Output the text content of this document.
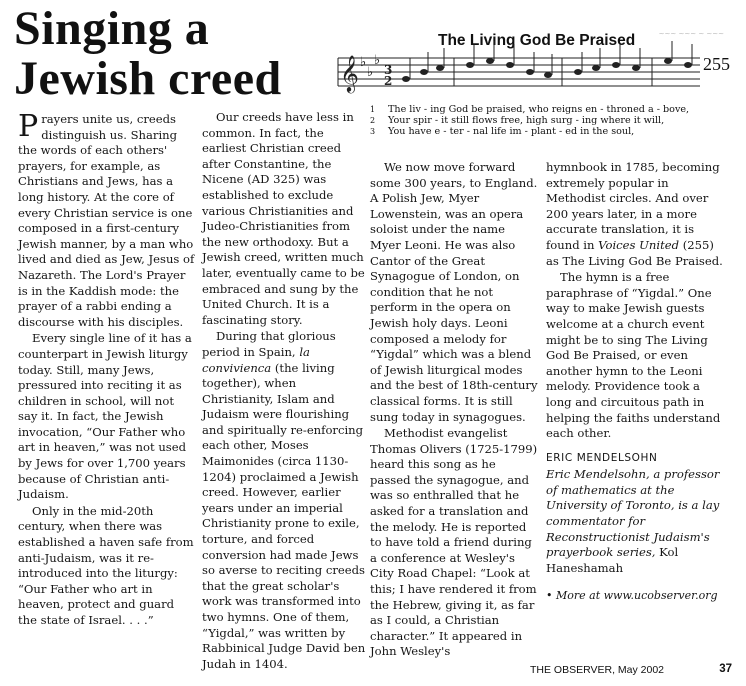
Singing a
Jewish creed
~~~ ~~~ ~ ~~~
The Living God Be Praised
255
𝄞 ♭
♭
♭
3
2
1 The liv - ing God be praised, who reigns en - throned a - bove,
2 Your spir - it still flows free, high surg - ing where it will,
3 You have e - ter - nal life im - plant - ed in the soul,

Prayers unite us, creeds distinguish us. Sharing the words of each others' prayers, for example, as Christians and Jews, has a long history. At the core of every Christian service is one composed in a first-century Jewish manner, by a man who lived and died as Jew, Jesus of Nazareth. The Lord's Prayer is in the Kaddish mode: the prayer of a rabbi ending a discourse with his disciples.

Every single line of it has a counterpart in Jewish liturgy today. Still, many Jews, pressured into reciting it as children in school, will not say it. In fact, the Jewish invocation, “Our Father who art in heaven,” was not used by Jews for over 1,700 years because of Christian anti-Judaism.

Only in the mid-20th century, when there was established a haven safe from anti-Judaism, was it re-introduced into the liturgy: “Our Father who art in heaven, protect and guard the state of Israel. . . .”

Our creeds have less in common. In fact, the earliest Christian creed after Constantine, the Nicene (AD 325) was established to exclude various Christianities and Judeo-Christianities from the new orthodoxy. But a Jewish creed, written much later, eventually came to be embraced and sung by the United Church. It is a fascinating story.

During that glorious period in Spain, la convivienca (the living together), when Christianity, Islam and Judaism were flourishing and spiritually re-enforcing each other, Moses Maimonides (circa 1130-1204) proclaimed a Jewish creed. However, earlier years under an imperial Christianity prone to exile, torture, and forced conversion had made Jews so averse to reciting creeds that the great scholar's work was transformed into two hymns. One of them, “Yigdal,” was written by Rabbinical Judge David ben Judah in 1404.

We now move forward some 300 years, to England. A Polish Jew, Myer Lowenstein, was an opera soloist under the name Myer Leoni. He was also Cantor of the Great Synagogue of London, on condition that he not perform in the opera on Jewish holy days. Leoni composed a melody for “Yigdal” which was a blend of Jewish liturgical modes and the best of 18th-century classical forms. It is still sung today in synagogues.

Methodist evangelist Thomas Olivers (1725-1799) heard this song as he passed the synagogue, and was so enthralled that he asked for a translation and the melody. He is reported to have told a friend during a conference at Wesley's City Road Chapel: “Look at this; I have rendered it from the Hebrew, giving it, as far as I could, a Christian character.” It appeared in John Wesley's

hymnbook in 1785, becoming extremely popular in Methodist circles. And over 200 years later, in a more accurate translation, it is found in Voices United (255) as The Living God Be Praised.

The hymn is a free paraphrase of “Yigdal.” One way to make Jewish guests welcome at a church event might be to sing The Living God Be Praised, or even another hymn to the Leoni melody. Providence took a long and circuitous path in helping the faiths understand each other.

ERIC MENDELSOHN

Eric Mendelsohn, a professor of mathematics at the University of Toronto, is a lay commentator for Reconstructionist Judaism's prayerbook series, Kol Haneshamah

• More at www.ucobserver.org

THE OBSERVER, May 2002	37
